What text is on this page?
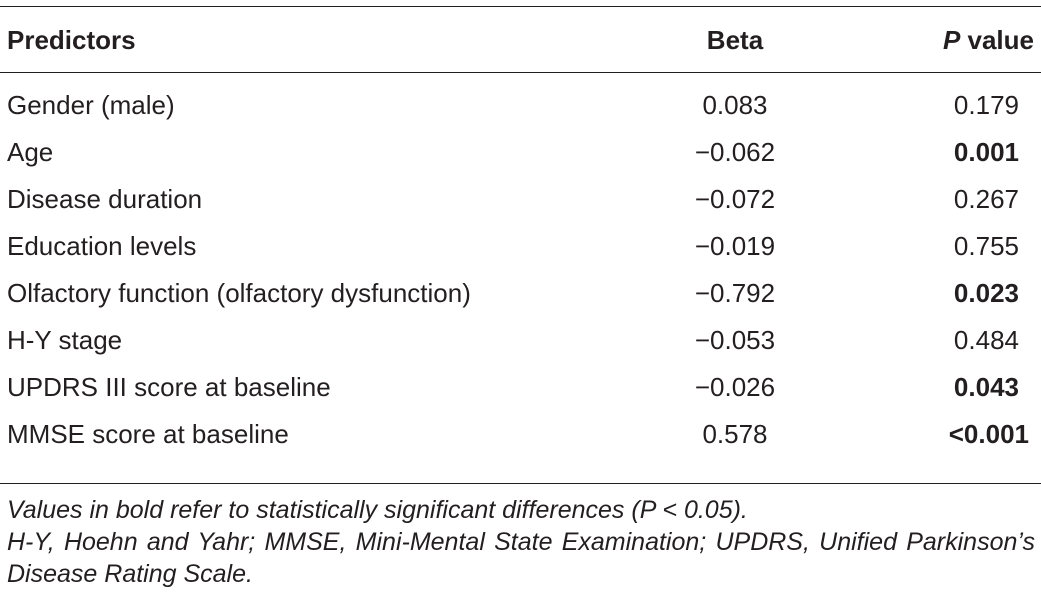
Predictors	Beta	P value
Gender (male)	0.083	0.179
Age	−0.062	0.001
Disease duration	−0.072	0.267
Education levels	−0.019	0.755
Olfactory function (olfactory dysfunction)	−0.792	0.023
H-Y stage	−0.053	0.484
UPDRS III score at baseline	−0.026	0.043
MMSE score at baseline	0.578	<0.001

Values in bold refer to statistically significant differences (P < 0.05).

H-Y, Hoehn and Yahr; MMSE, Mini-Mental State Examination; UPDRS, Unified Parkinson’s Disease Rating Scale.
